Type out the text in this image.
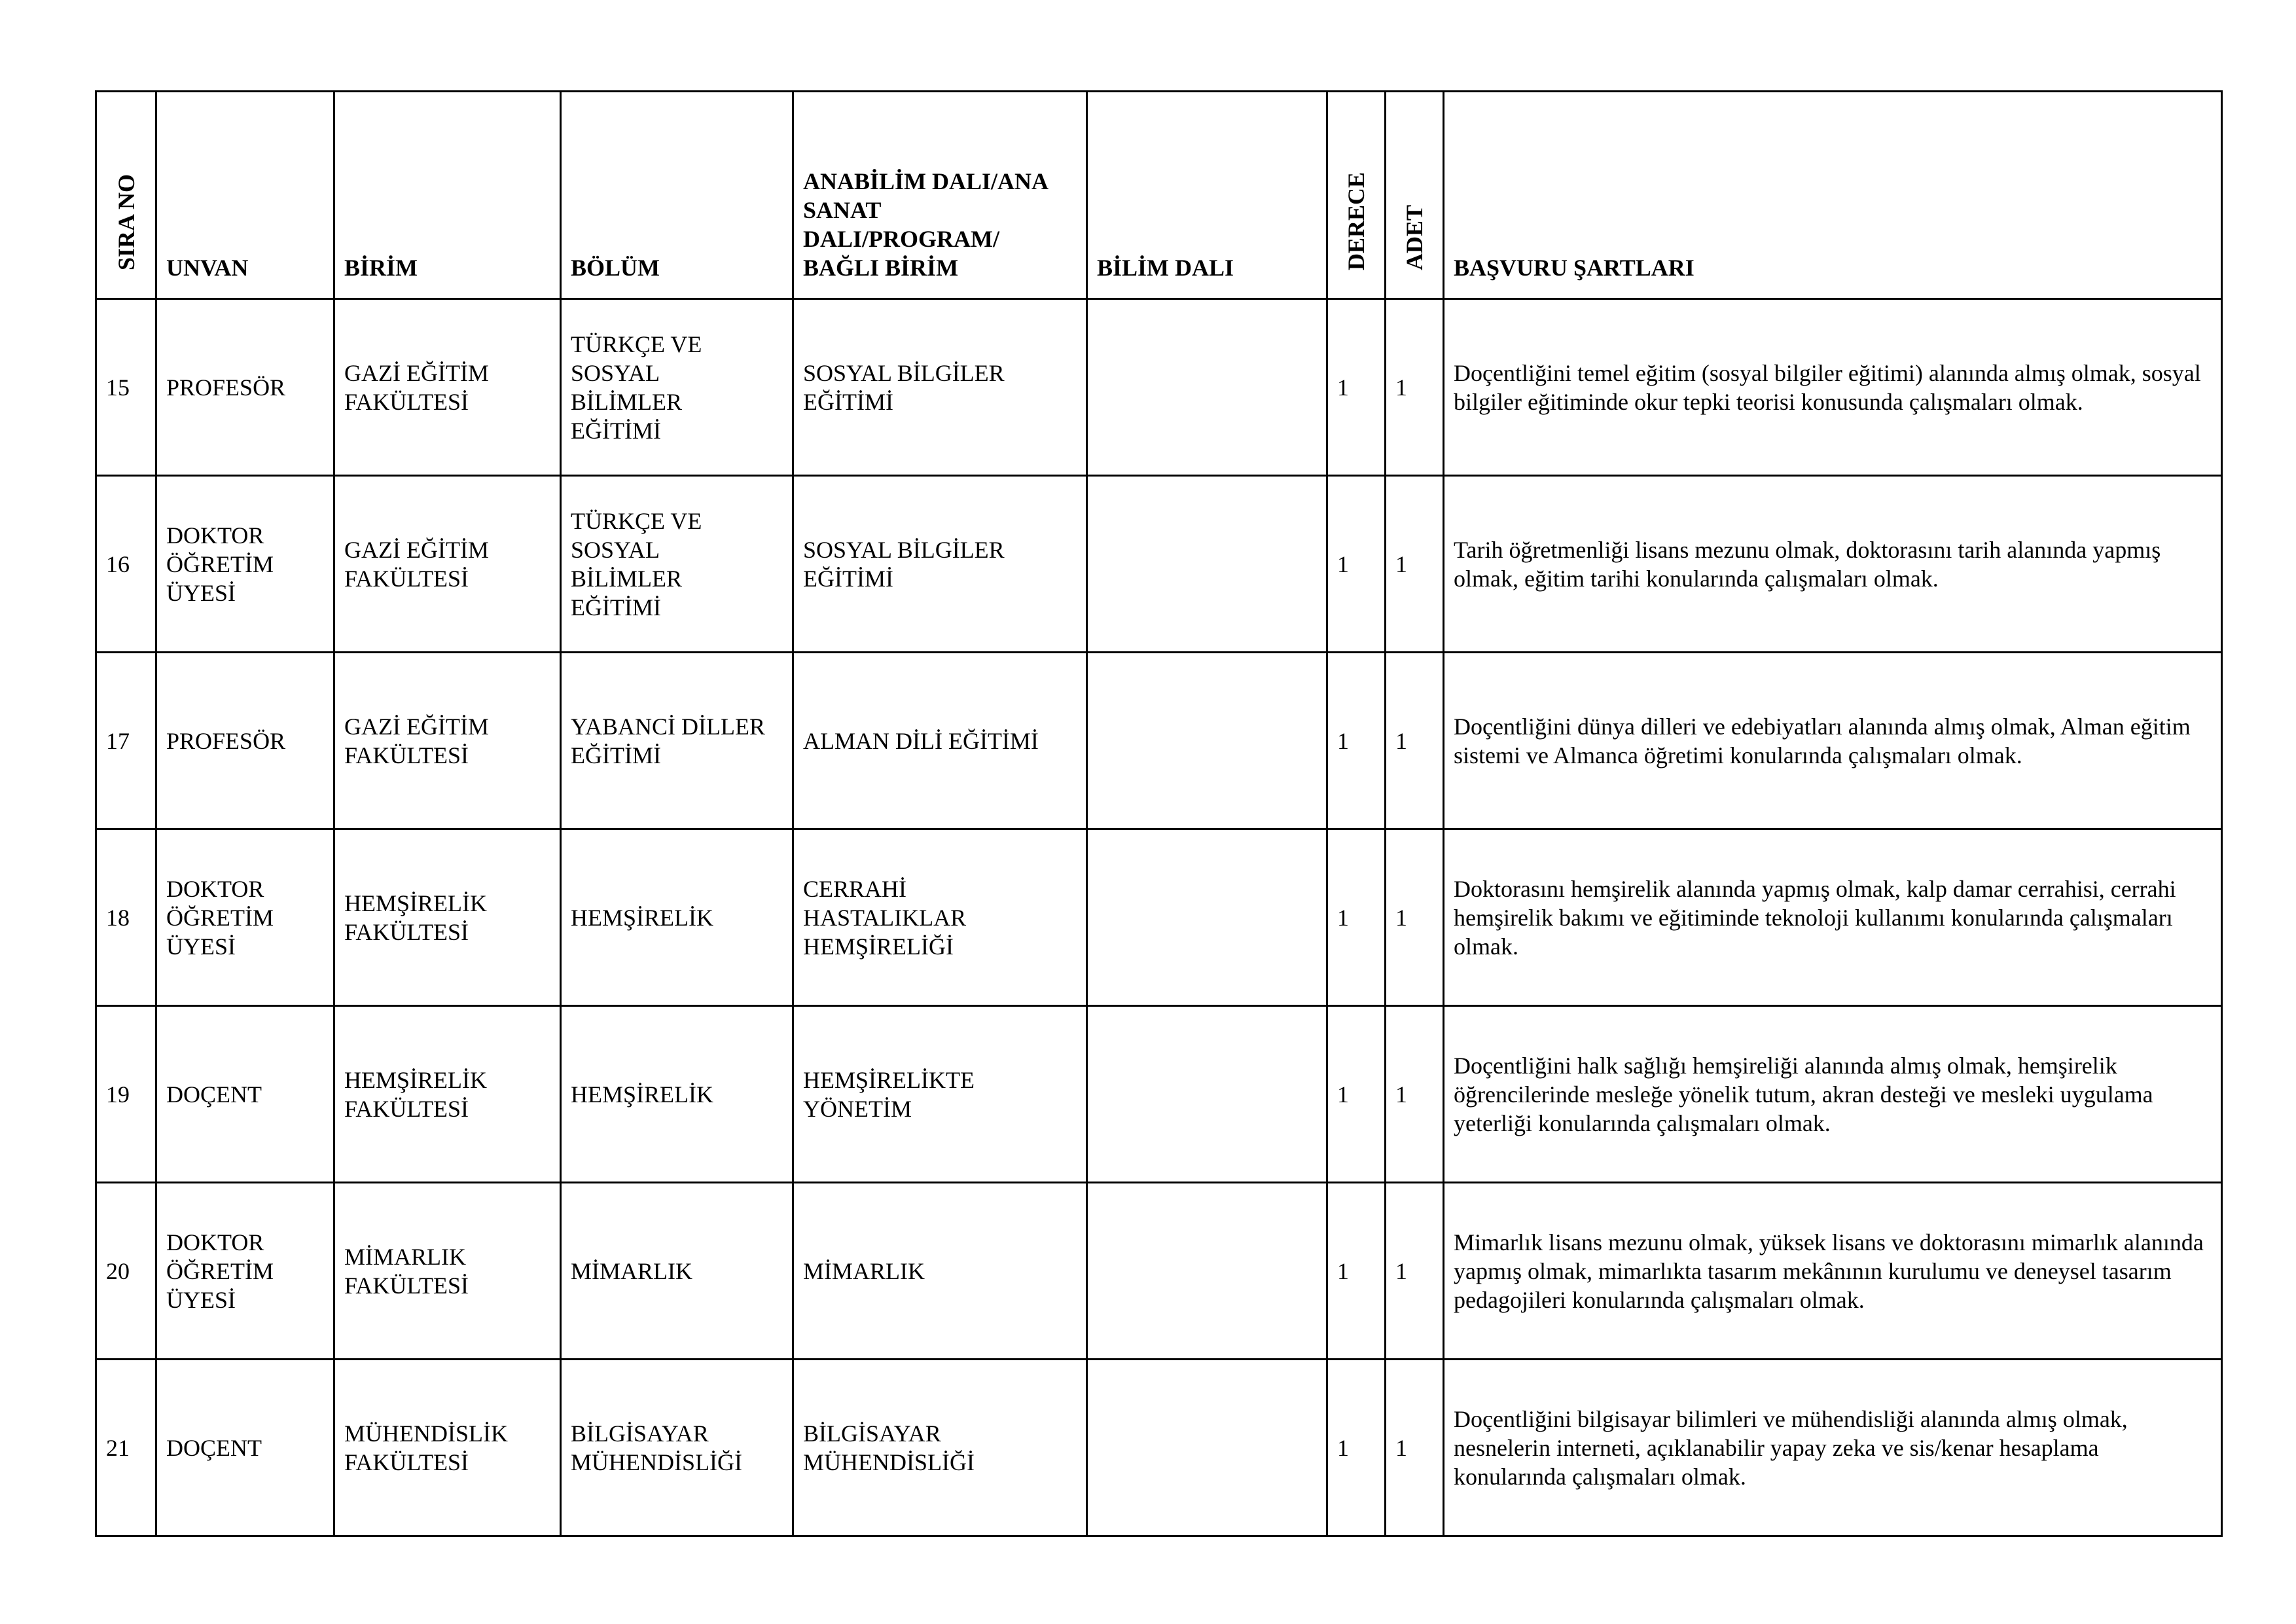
SIRA NO	UNVAN	BİRİM	BÖLÜM	ANABİLİM DALI/ANA
SANAT
DALI/PROGRAM/
BAĞLI BİRİM	BİLİM DALI	DERECE	ADET	BAŞVURU ŞARTLARI
15	PROFESÖR	GAZİ EĞİTİM
FAKÜLTESİ	TÜRKÇE VE
SOSYAL
BİLİMLER
EĞİTİMİ	SOSYAL BİLGİLER
EĞİTİMİ		1	1	Doçentliğini temel eğitim (sosyal bilgiler eğitimi) alanında almış olmak, sosyal bilgiler eğitiminde okur tepki teorisi konusunda çalışmaları olmak.
16	DOKTOR
ÖĞRETİM
ÜYESİ	GAZİ EĞİTİM
FAKÜLTESİ	TÜRKÇE VE
SOSYAL
BİLİMLER
EĞİTİMİ	SOSYAL BİLGİLER
EĞİTİMİ		1	1	Tarih öğretmenliği lisans mezunu olmak, doktorasını tarih alanında yapmış olmak, eğitim tarihi konularında çalışmaları olmak.
17	PROFESÖR	GAZİ EĞİTİM
FAKÜLTESİ	YABANCİ DİLLER
EĞİTİMİ	ALMAN DİLİ EĞİTİMİ		1	1	Doçentliğini dünya dilleri ve edebiyatları alanında almış olmak, Alman eğitim sistemi ve Almanca öğretimi konularında çalışmaları olmak.
18	DOKTOR
ÖĞRETİM
ÜYESİ	HEMŞİRELİK
FAKÜLTESİ	HEMŞİRELİK	CERRAHİ
HASTALIKLAR
HEMŞİRELİĞİ		1	1	Doktorasını hemşirelik alanında yapmış olmak, kalp damar cerrahisi, cerrahi hemşirelik bakımı ve eğitiminde teknoloji kullanımı konularında çalışmaları olmak.
19	DOÇENT	HEMŞİRELİK
FAKÜLTESİ	HEMŞİRELİK	HEMŞİRELİKTE
YÖNETİM		1	1	Doçentliğini halk sağlığı hemşireliği alanında almış olmak, hemşirelik öğrencilerinde mesleğe yönelik tutum, akran desteği ve mesleki uygulama yeterliği konularında çalışmaları olmak.
20	DOKTOR
ÖĞRETİM
ÜYESİ	MİMARLIK
FAKÜLTESİ	MİMARLIK	MİMARLIK		1	1	Mimarlık lisans mezunu olmak, yüksek lisans ve doktorasını mimarlık alanında yapmış olmak, mimarlıkta tasarım mekânının kurulumu ve deneysel tasarım pedagojileri konularında çalışmaları olmak.
21	DOÇENT	MÜHENDİSLİK
FAKÜLTESİ	BİLGİSAYAR
MÜHENDİSLİĞİ	BİLGİSAYAR
MÜHENDİSLİĞİ		1	1	Doçentliğini bilgisayar bilimleri ve mühendisliği alanında almış olmak, nesnelerin interneti, açıklanabilir yapay zeka ve sis/kenar hesaplama konularında çalışmaları olmak.
